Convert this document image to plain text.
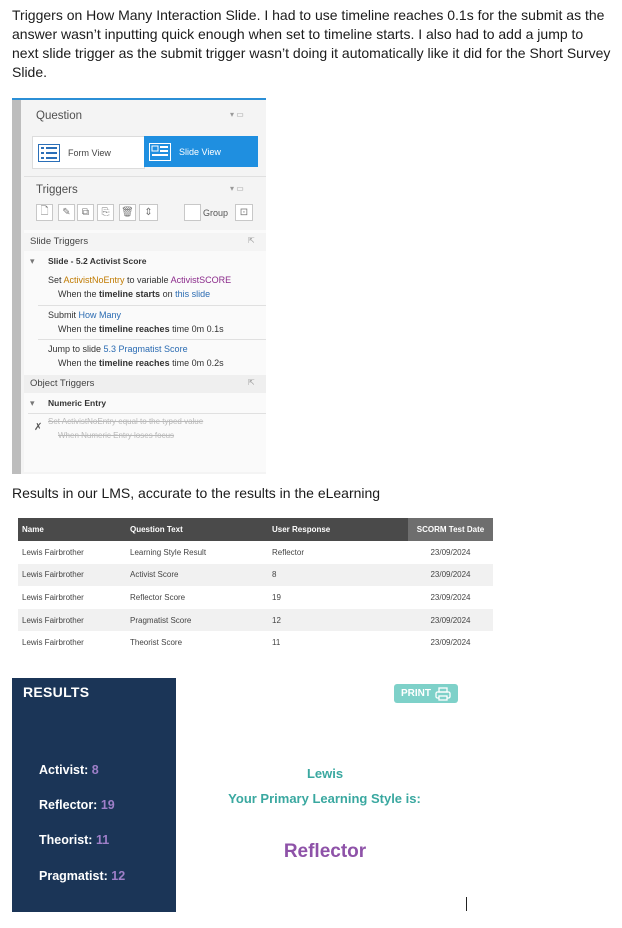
Triggers on How Many Interaction Slide. I had to use timeline reaches 0.1s for the submit as the answer wasn’t inputting quick enough when set to timeline starts. I also had to add a jump to next slide trigger as the submit trigger wasn’t doing it automatically like it did for the Short Survey Slide.
Question	▾ ▭
Form View	Slide View
Triggers	▾ ▭
🗋	✎	⧉	⎘	🗑	⇕	Group	⊡
Slide Triggers	⇱
▾ Slide - 5.2 Activist Score
Set ActivistNoEntry to variable ActivistSCORE
When the timeline starts on this slide
Submit How Many
When the timeline reaches time 0m 0.1s
Jump to slide 5.3 Pragmatist Score
When the timeline reaches time 0m 0.2s
Object Triggers	⇱
▾ Numeric Entry
✗
Set ActivistNoEntry equal to the typed value
When Numeric Entry loses focus
Results in our LMS, accurate to the results in the eLearning
Name	Question Text	User Response	SCORM Test Date
Lewis Fairbrother	Learning Style Result	Reflector	23/09/2024
Lewis Fairbrother	Activist Score	8	23/09/2024
Lewis Fairbrother	Reflector Score	19	23/09/2024
Lewis Fairbrother	Pragmatist Score	12	23/09/2024
Lewis Fairbrother	Theorist Score	11	23/09/2024
RESULTS
Activist: 8
Reflector: 19
Theorist: 11
Pragmatist: 12
PRINT
Lewis
Your Primary Learning Style is:
Reflector
